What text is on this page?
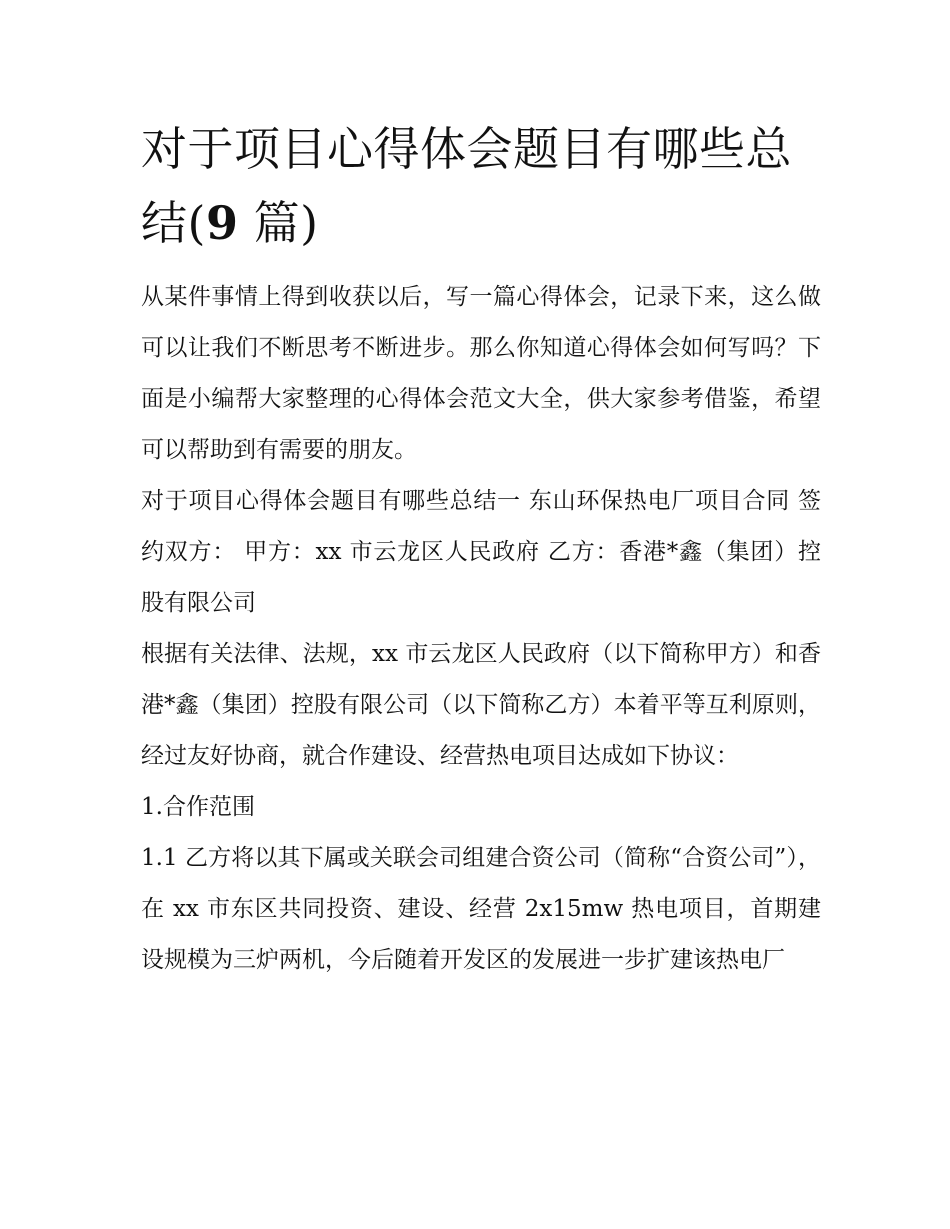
对于项目心得体会题目有哪些总结(9 篇)

从某件事情上得到收获以后，写一篇心得体会，记录下来，这么做可以让我们不断思考不断进步。那么你知道心得体会如何写吗？下面是小编帮大家整理的心得体会范文大全，供大家参考借鉴，希望可以帮助到有需要的朋友。

对于项目心得体会题目有哪些总结一 东山环保热电厂项目合同 签约双方： 甲方：xx 市云龙区人民政府 乙方：香港*鑫（集团）控股有限公司

根据有关法律、法规，xx 市云龙区人民政府（以下简称甲方）和香港*鑫（集团）控股有限公司（以下简称乙方）本着平等互利原则，经过友好协商，就合作建设、经营热电项目达成如下协议：

1.合作范围

1.1 乙方将以其下属或关联会司组建合资公司（简称“合资公司”），在 xx 市东区共同投资、建设、经营 2x15mw 热电项目，首期建设规模为三炉两机，今后随着开发区的发展进一步扩建该热电厂
